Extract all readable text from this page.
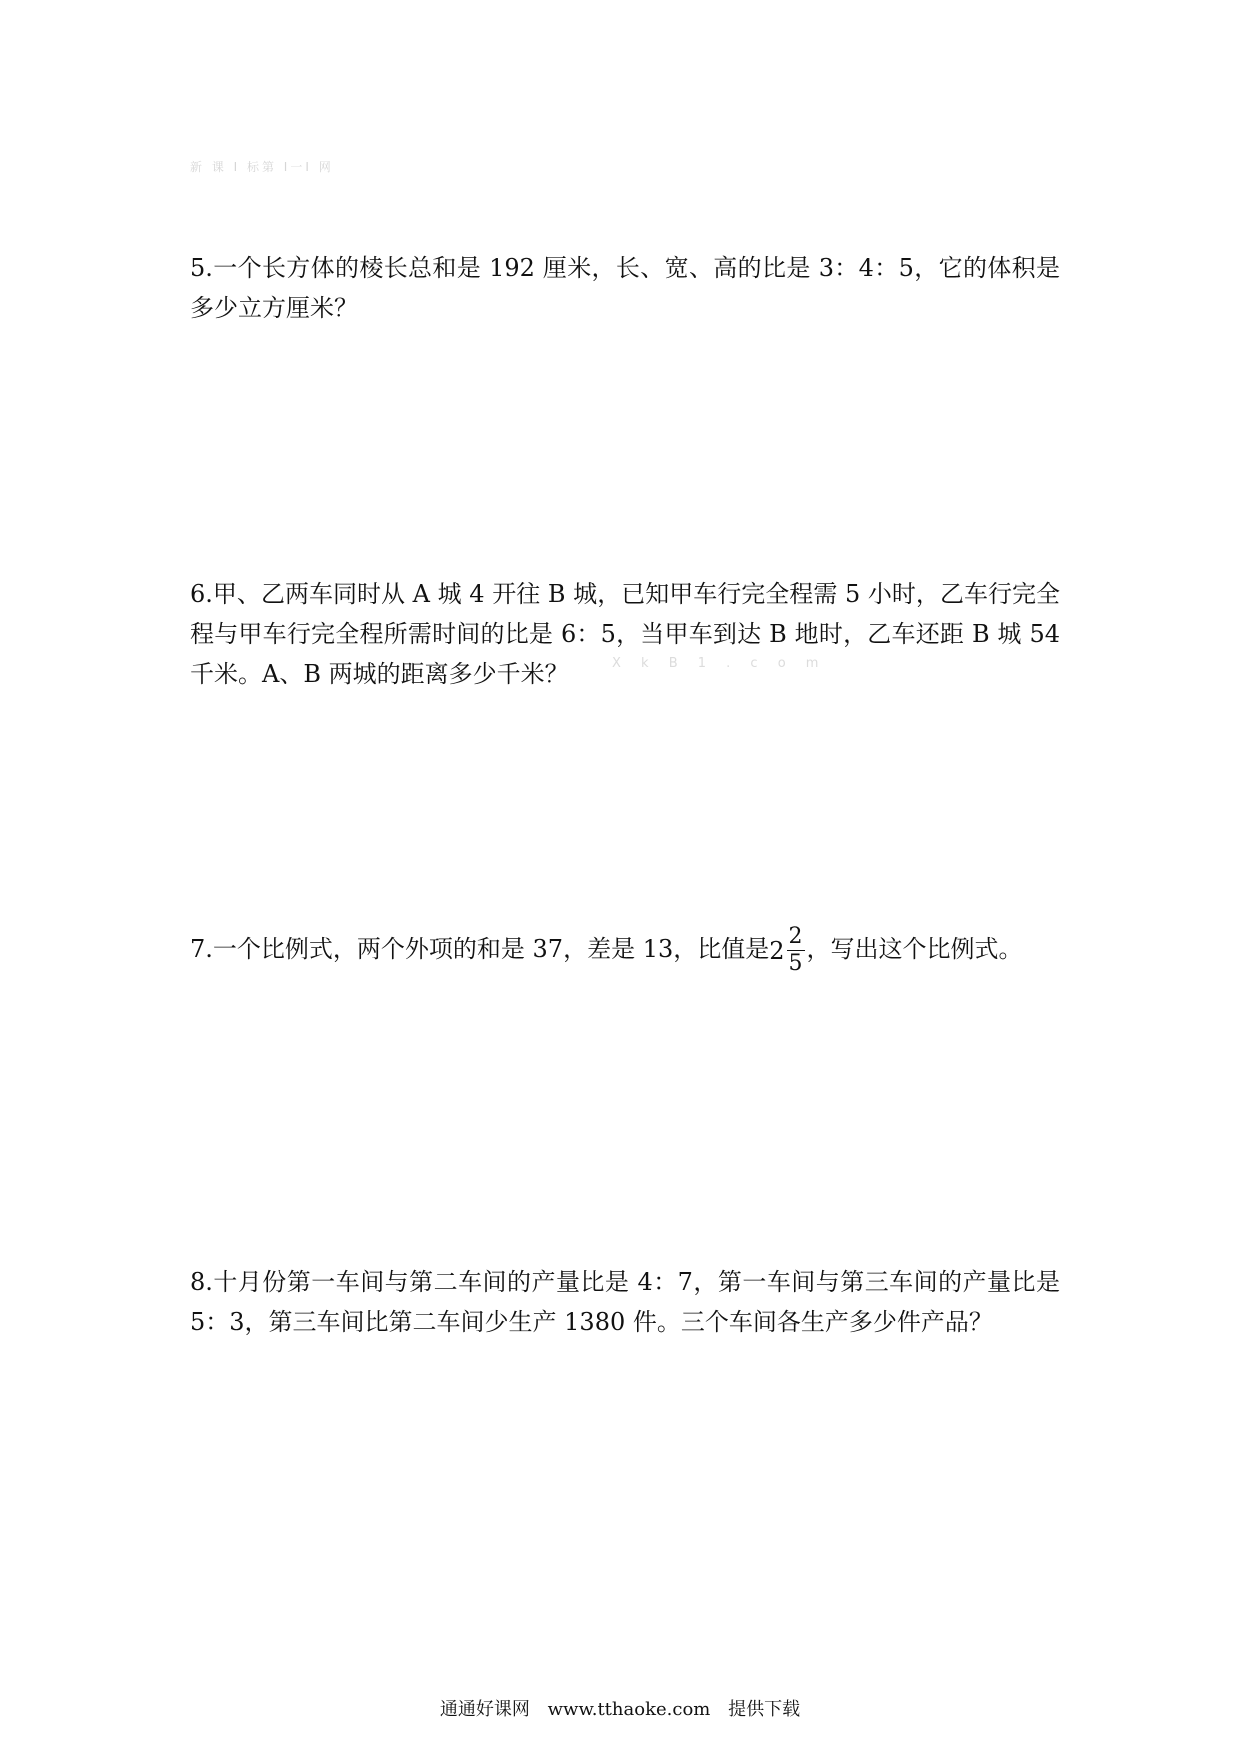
新 课 I 标第 I一I 网

5.一个长方体的棱长总和是 192 厘米，长、宽、高的比是 3：4：5，它的体积是多少立方厘米？

6.甲、乙两车同时从 A 城 4 开往 B 城，已知甲车行完全程需 5 小时，乙车行完全程与甲车行完全程所需时间的比是 6：5，当甲车到达 B 地时，乙车还距 B 城 54 千米。A、B 两城的距离多少千米？	X k B 1 . c o m

7.一个比例式，两个外项的和是 37，差是 13，比值是$2 \frac{2}{5}$ ，写出这个比例式。

8.十月份第一车间与第二车间的产量比是 4：7，第一车间与第三车间的产量比是 5：3，第三车间比第二车间少生产 1380 件。三个车间各生产多少件产品？

通通好课网 www.tthaoke.com 提供下载
